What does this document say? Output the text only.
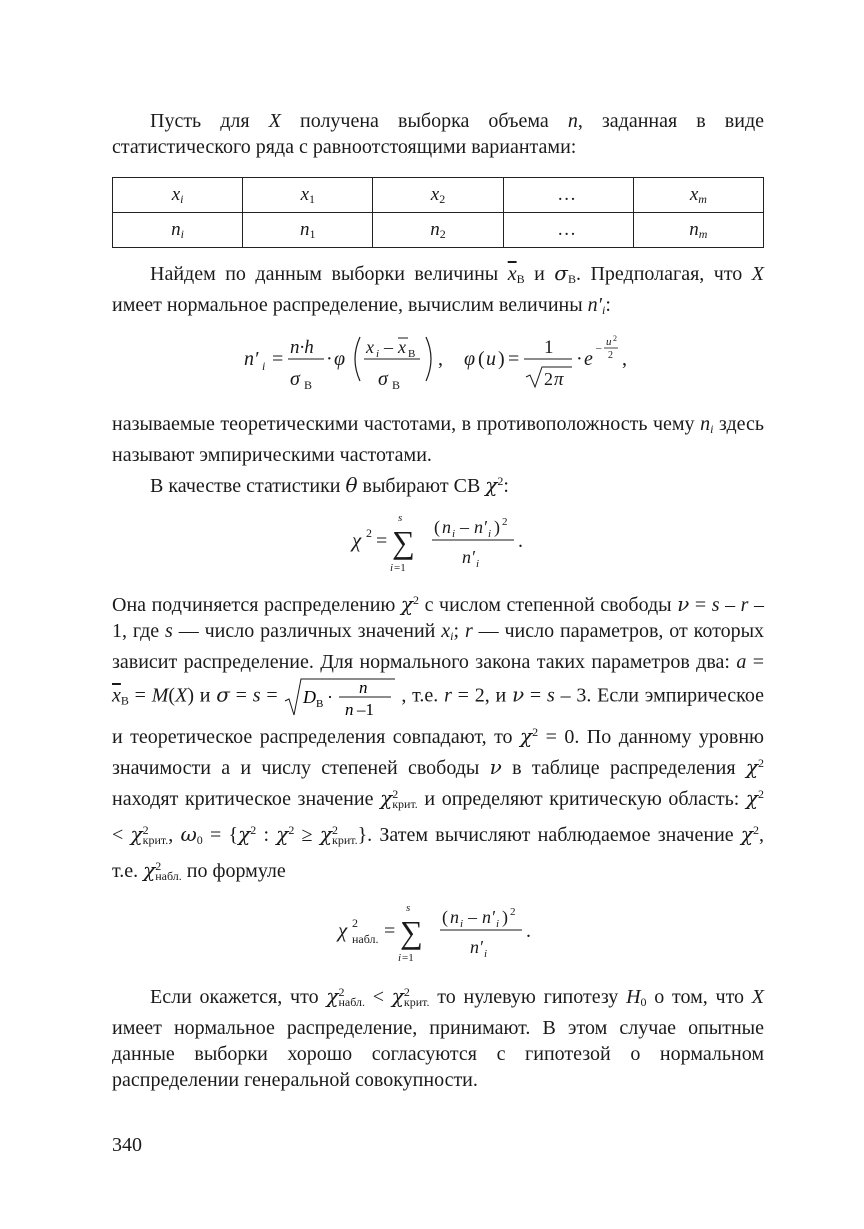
Пусть для X получена выборка объема n, заданная в виде статистического ряда с равноотстоящими вариантами:

$x_i$	$x_1$	$x_2$	…	$x_m$
$n_i$	$n_1$	$n_2$	…	$n_m$

Найдем по данным выборки величины $\overline{x}_В$ и $\sigma_В$. Предполагая, что X имеет нормальное распределение, вычислим величины $n'_i$:

n′ i =
n·h
σ В
· φ
x i – x В
σ В
, φ ( u ) =
1
2 π
· e – u 2
2 ,

называемые теоретическими частотами, в противоположность чему $n_i$ здесь называют эмпирическими частотами.

В качестве статистики θ выбирают СВ $\chi^2$:

χ 2 =
s
∑
i =1
( n i – n′ i ) 2
n′ i
.

Она подчиняется распределению $\chi^2$ с числом степенной свободы ν = s – r – 1, где s — число различных значений $x_i$; r — число параметров, от которых зависит распределение. Для нормального закона таких параметров два: $a = \overline{x}_В = M(X)$ и σ = s = D В · n
n –1
, т.е. r = 2, и ν = s – 3. Если эмпирическое и теоретическое распределения совпадают, то $\chi^2 = 0$. По данному уровню значимости а и числу степеней свободы ν в таблице распределения $\chi^2$ находят критическое значение $\chi^2_{крит.}$ и определяют критическую область: $\chi^2 < \chi^2_{крит.}$, $\omega_0 = \{\chi^2$ : $\chi^2 \ge \chi^2_{крит.}$}. Затем вычисляют наблюдаемое значение $\chi^2$, т.е. $\chi^2_{набл.}$ по формуле

χ 2
набл. =
s
∑
i =1
( n i – n′ i ) 2
n′ i
.

Если окажется, что $\chi^2_{набл.} < \chi^2_{крит.}$ то нулевую гипотезу $H_0$ о том, что X имеет нормальное распределение, принимают. В этом случае опытные данные выборки хорошо согласуются с гипотезой о нормальном распределении генеральной совокупности.

340
